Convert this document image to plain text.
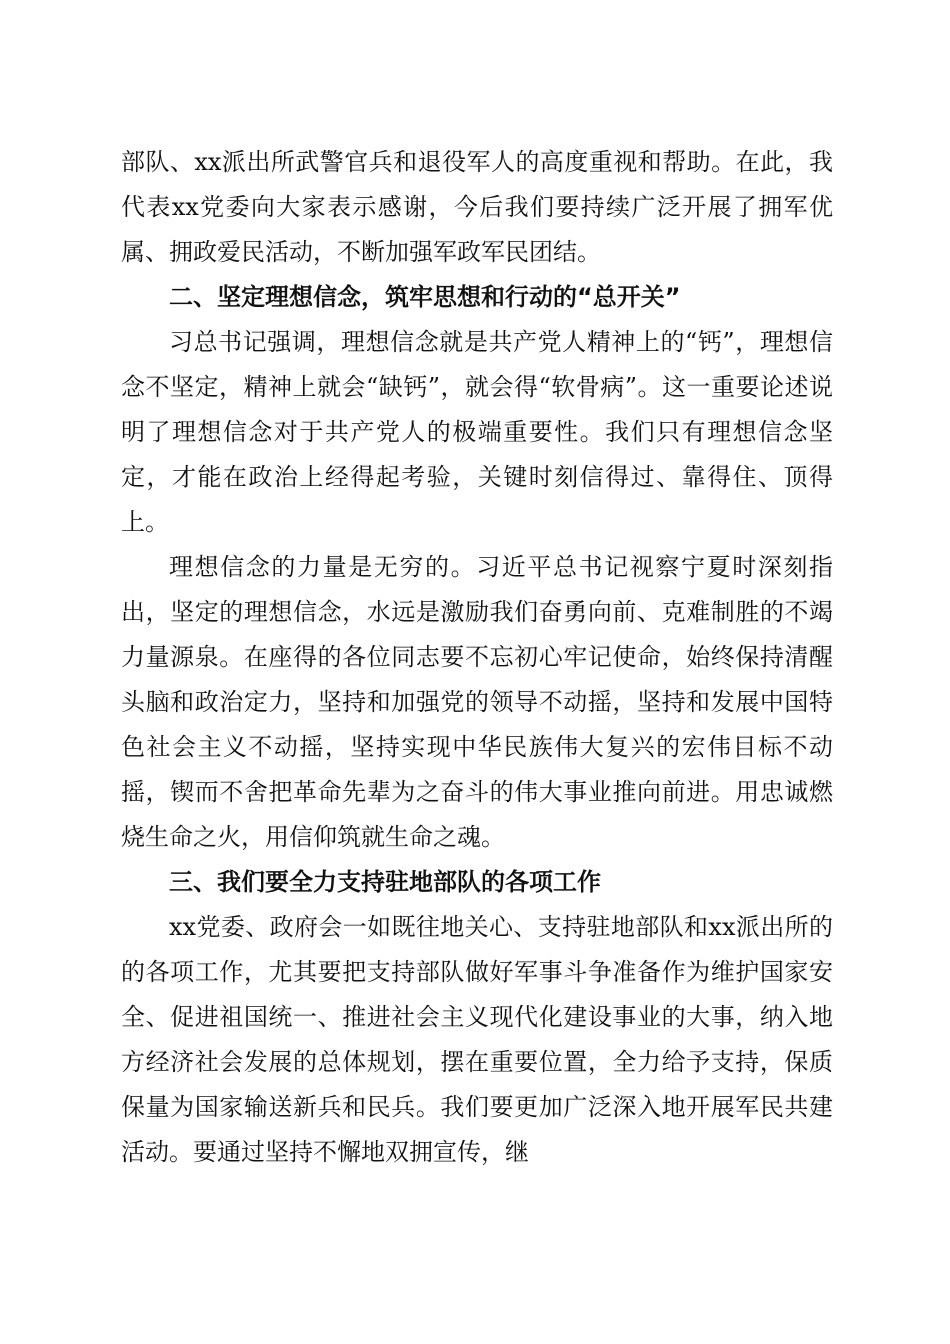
部队、xx派出所武警官兵和退役军人的高度重视和帮助。在此，我代表xx党委向大家表示感谢，今后我们要持续广泛开展了拥军优属、拥政爱民活动，不断加强军政军民团结。

二、坚定理想信念，筑牢思想和行动的“总开关”

习总书记强调，理想信念就是共产党人精神上的“钙”，理想信念不坚定，精神上就会“缺钙”，就会得“软骨病”。这一重要论述说明了理想信念对于共产党人的极端重要性。我们只有理想信念坚定，才能在政治上经得起考验，关键时刻信得过、靠得住、顶得上。

理想信念的力量是无穷的。习近平总书记视察宁夏时深刻指出，坚定的理想信念，水远是激励我们奋勇向前、克难制胜的不竭力量源泉。在座得的各位同志要不忘初心牢记使命，始终保持清醒头脑和政治定力，坚持和加强党的领导不动摇，坚持和发展中国特色社会主义不动摇，坚持实现中华民族伟大复兴的宏伟目标不动摇，锲而不舍把革命先辈为之奋斗的伟大事业推向前进。用忠诚燃烧生命之火，用信仰筑就生命之魂。

三、我们要全力支持驻地部队的各项工作

xx党委、政府会一如既往地关心、支持驻地部队和xx派出所的的各项工作，尤其要把支持部队做好军事斗争准备作为维护国家安全、促进祖国统一、推进社会主义现代化建设事业的大事，纳入地方经济社会发展的总体规划，摆在重要位置，全力给予支持，保质保量为国家输送新兵和民兵。我们要更加广泛深入地开展军民共建活动。要通过坚持不懈地双拥宣传，继
